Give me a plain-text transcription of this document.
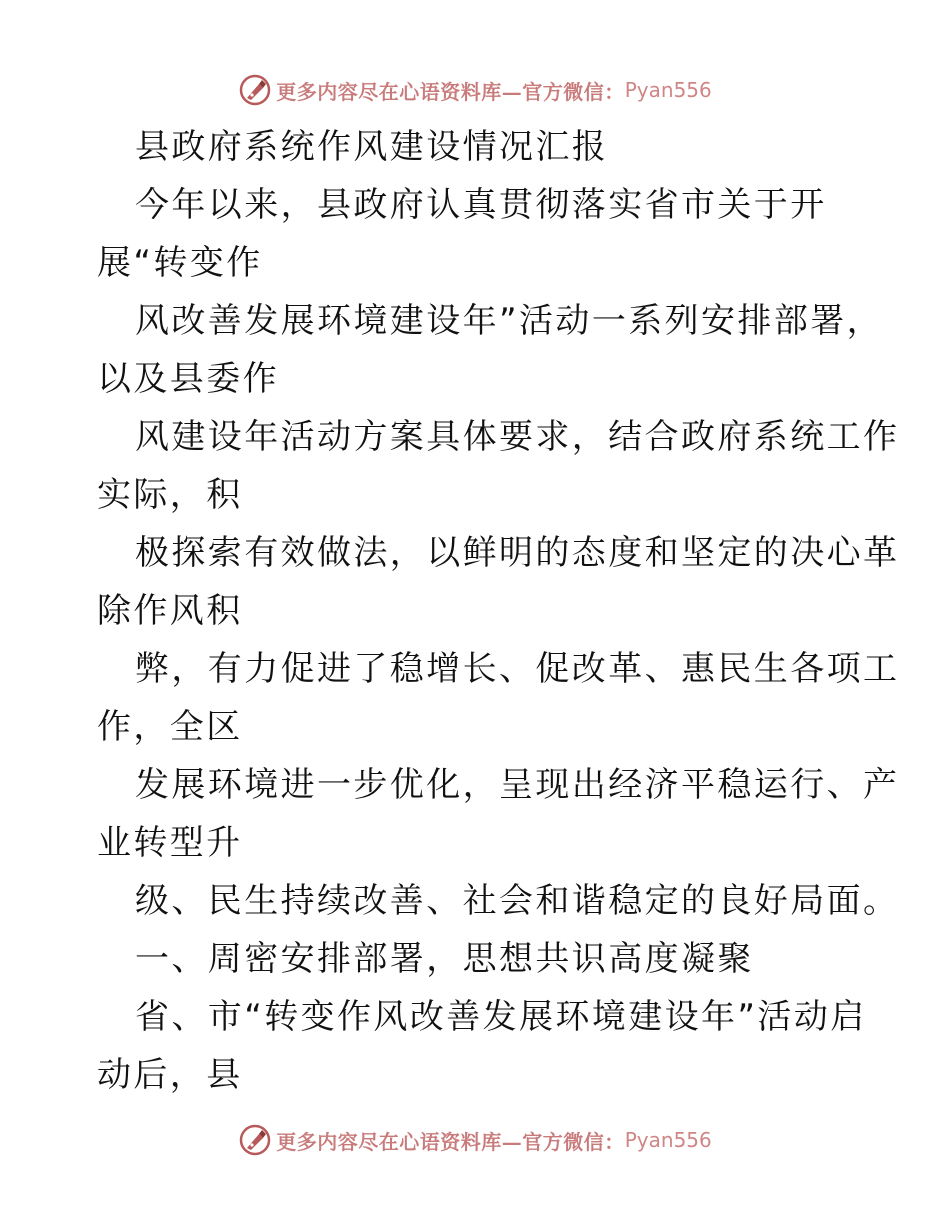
更多内容尽在心语资料库—官方微信： Pyan556
县政府系统作风建设情况汇报
今年以来，县政府认真贯彻落实省市关于开
展“转变作
风改善发展环境建设年”活动一系列安排部署，
以及县委作
风建设年活动方案具体要求，结合政府系统工作
实际，积
极探索有效做法，以鲜明的态度和坚定的决心革
除作风积
弊，有力促进了稳增长、促改革、惠民生各项工
作，全区
发展环境进一步优化，呈现出经济平稳运行、产
业转型升
级、民生持续改善、社会和谐稳定的良好局面。
一、周密安排部署，思想共识高度凝聚
省、市“转变作风改善发展环境建设年”活动启
动后，县
更多内容尽在心语资料库—官方微信： Pyan556
